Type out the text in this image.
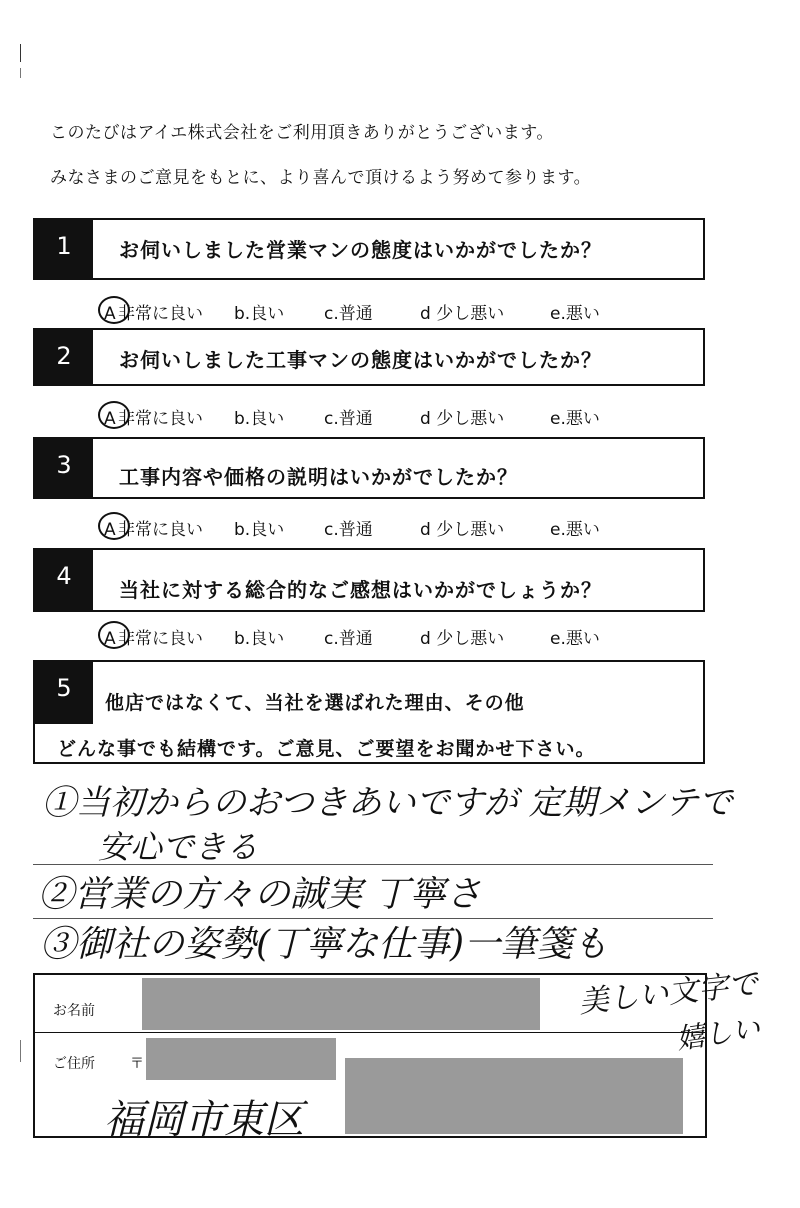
このたびはアイエ株式会社をご利用頂きありがとうございます。
みなさまのご意見をもとに、より喜んで頂けるよう努めて参ります。
1	お伺いしました営業マンの態度はいかがでしたか？
A 非常に良い b.良い c.普通	d 少し悪い	e.悪い
2	お伺いしました工事マンの態度はいかがでしたか？
A 非常に良い b.良い c.普通	d 少し悪い	e.悪い
3	工事内容や価格の説明はいかがでしたか？
A 非常に良い b.良い c.普通	d 少し悪い	e.悪い
4	当社に対する総合的なご感想はいかがでしょうか？
A 非常に良い b.良い c.普通	d 少し悪い	e.悪い
5
他店ではなくて、当社を選ばれた理由、その他
どんな事でも結構です。ご意見、ご要望をお聞かせ下さい。
①当初からのおつきあいですが 定期メンテで
安心できる
②営業の方々の誠実 丁寧さ
③御社の姿勢(丁寧な仕事)一筆箋も
お名前
ご住所	〒
福岡市東区
美しい文字で
嬉しい
